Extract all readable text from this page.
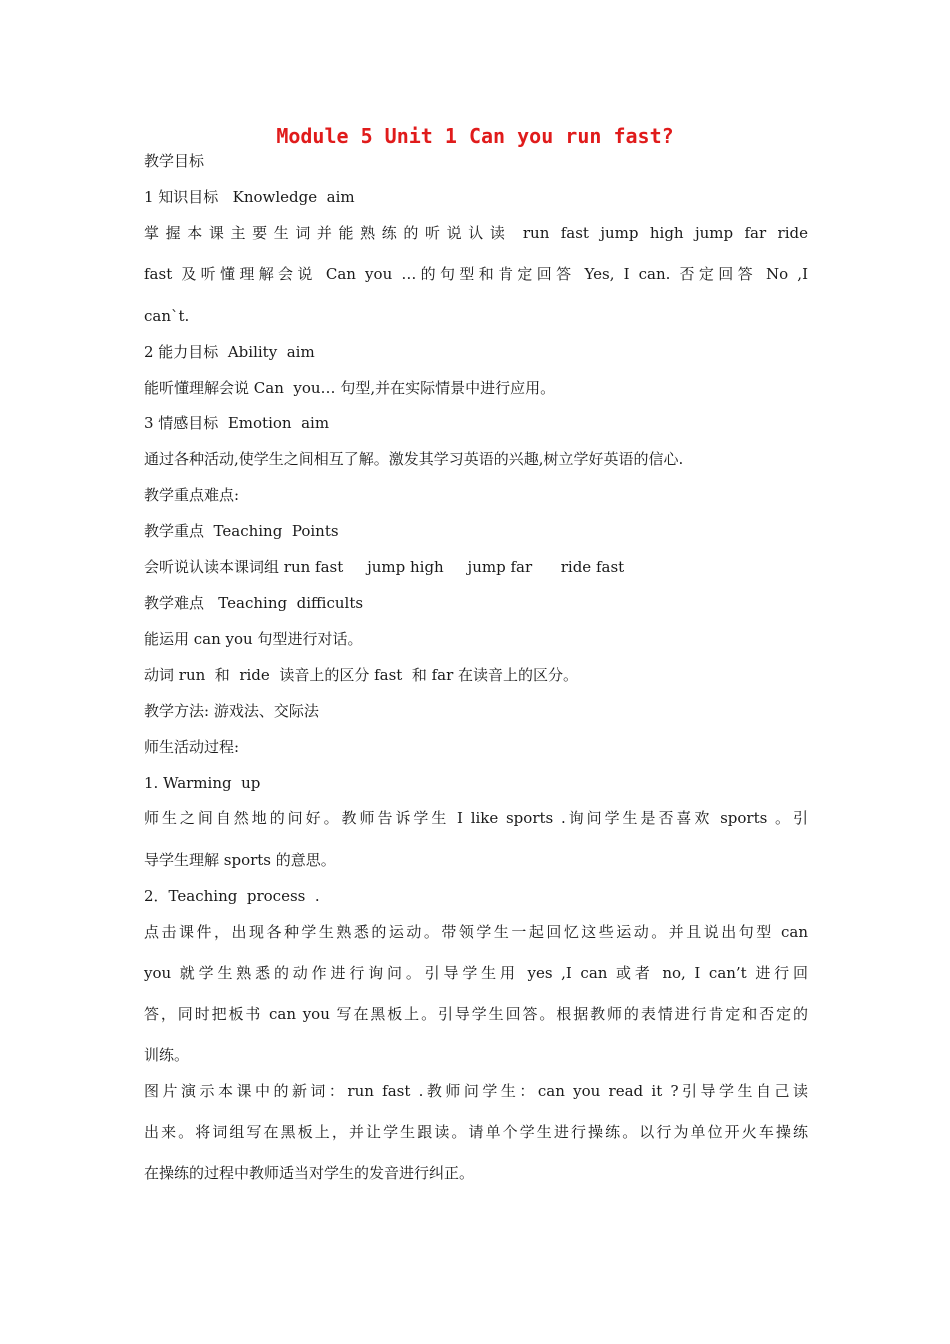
Module 5 Unit 1 Can you run fast?
教学目标
1 知识目标   Knowledge  aim
掌握本课主要生词并能熟练的听说认读 run fast jump high jump far ride
fast 及听懂理解会说 Can you …的句型和肯定回答 Yes, I can. 否定回答 No ,I
can`t.
2 能力目标  Ability  aim
能听懂理解会说 Can  you… 句型,并在实际情景中进行应用。
3 情感目标  Emotion  aim
通过各种活动,使学生之间相互了解。激发其学习英语的兴趣,树立学好英语的信心.
教学重点难点:
教学重点  Teaching  Points
会听说认读本课词组 run fast     jump high     jump far      ride fast
教学难点   Teaching  difficults
能运用 can you 句型进行对话。
动词 run  和  ride  读音上的区分 fast  和 far 在读音上的区分。
教学方法: 游戏法、交际法
师生活动过程:
1. Warming  up
师生之间自然地的问好。教师告诉学生 I like sports .询问学生是否喜欢 sports 。引
导学生理解 sports 的意思。
2．Teaching  process  .
点击课件，出现各种学生熟悉的运动。带领学生一起回忆这些运动。并且说出句型 can
you 就学生熟悉的动作进行询问。引导学生用 yes ,I can 或者 no, I can’t 进行回
答，同时把板书 can you 写在黑板上。引导学生回答。根据教师的表情进行肯定和否定的
训练。
图片演示本课中的新词：run fast .教师问学生：can you read it ?引导学生自己读
出来。将词组写在黑板上，并让学生跟读。请单个学生进行操练。以行为单位开火车操练
在操练的过程中教师适当对学生的发音进行纠正。
